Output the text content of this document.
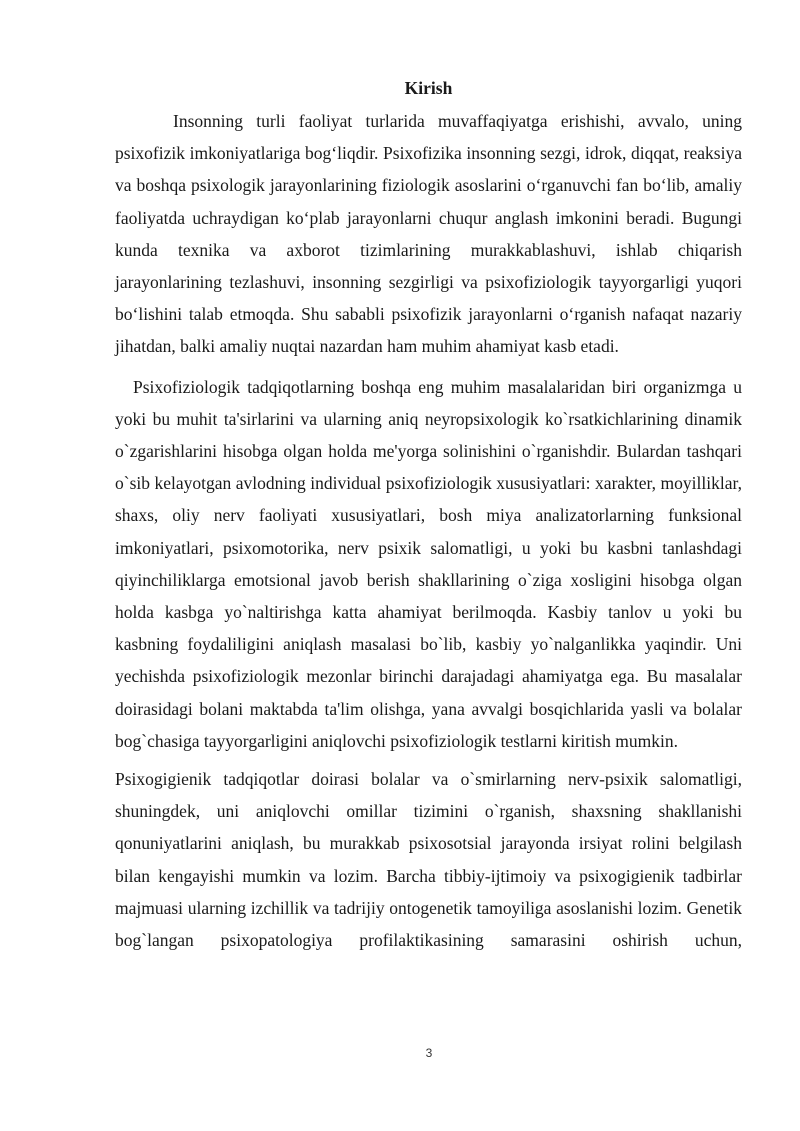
Kirish

Insonning turli faoliyat turlarida muvaffaqiyatga erishishi, avvalo, uning psixofizik imkoniyatlariga bog‘liqdir. Psixofizika insonning sezgi, idrok, diqqat, reaksiya va boshqa psixologik jarayonlarining fiziologik asoslarini o‘rganuvchi fan bo‘lib, amaliy faoliyatda uchraydigan ko‘plab jarayonlarni chuqur anglash imkonini beradi. Bugungi kunda texnika va axborot tizimlarining murakkablashuvi, ishlab chiqarish jarayonlarining tezlashuvi, insonning sezgirligi va psixofiziologik tayyorgarligi yuqori bo‘lishini talab etmoqda. Shu sababli psixofizik jarayonlarni o‘rganish nafaqat nazariy jihatdan, balki amaliy nuqtai nazardan ham muhim ahamiyat kasb etadi.

Psixofiziologik tadqiqotlarning boshqa eng muhim masalalaridan biri organizmga u yoki bu muhit ta'sirlarini va ularning aniq neyropsixologik ko`rsatkichlarining dinamik o`zgarishlarini hisobga olgan holda me'yorga solinishini o`rganishdir. Bulardan tashqari o`sib kelayotgan avlodning individual psixofiziologik xususiyatlari: xarakter, moyilliklar, shaxs, oliy nerv faoliyati xususiyatlari, bosh miya analizatorlarning funksional imkoniyatlari, psixomotorika, nerv psixik salomatligi, u yoki bu kasbni tanlashdagi qiyinchiliklarga emotsional javob berish shakllarining o`ziga xosligini hisobga olgan holda kasbga yo`naltirishga katta ahamiyat berilmoqda. Kasbiy tanlov u yoki bu kasbning foydaliligini aniqlash masalasi bo`lib, kasbiy yo`nalganlikka yaqindir. Uni yechishda psixofiziologik mezonlar birinchi darajadagi ahamiyatga ega. Bu masalalar doirasidagi bolani maktabda ta'lim olishga, yana avvalgi bosqichlarida yasli va bolalar bog`chasiga tayyorgarligini aniqlovchi psixofiziologik testlarni kiritish mumkin.

Psixogigienik tadqiqotlar doirasi bolalar va o`smirlarning nerv-psixik salomatligi, shuningdek, uni aniqlovchi omillar tizimini o`rganish, shaxsning shakllanishi qonuniyatlarini aniqlash, bu murakkab psixosotsial jarayonda irsiyat rolini belgilash bilan kengayishi mumkin va lozim. Barcha tibbiy-ijtimoiy va psixogigienik tadbirlar majmuasi ularning izchillik va tadrijiy ontogenetik tamoyiliga asoslanishi lozim. Genetik bog`langan psixopatologiya profilaktikasining samarasini oshirish uchun,

3
